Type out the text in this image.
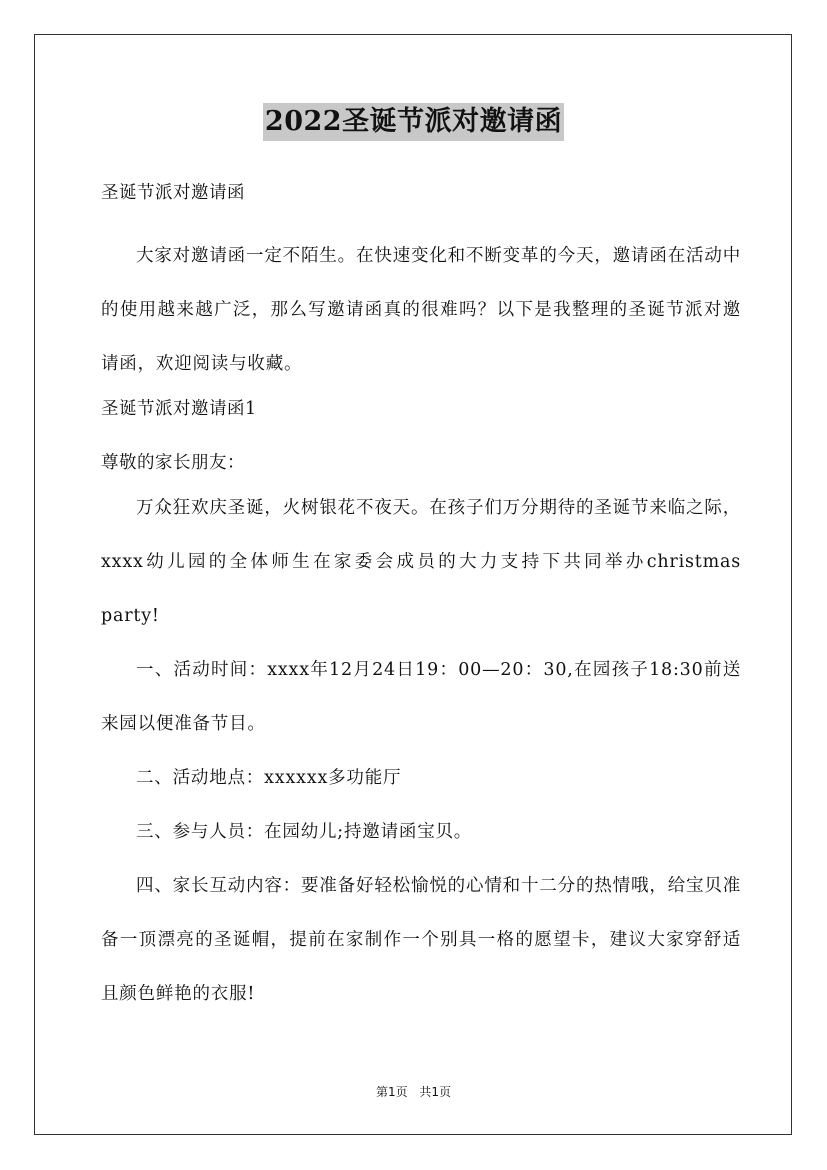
2022圣诞节派对邀请函

圣诞节派对邀请函

大家对邀请函一定不陌生。在快速变化和不断变革的今天，邀请函在活动中的使用越来越广泛，那么写邀请函真的很难吗？以下是我整理的圣诞节派对邀请函，欢迎阅读与收藏。

圣诞节派对邀请函1

尊敬的家长朋友：

万众狂欢庆圣诞，火树银花不夜天。在孩子们万分期待的圣诞节来临之际，xxxx幼儿园的全体师生在家委会成员的大力支持下共同举办christmas party!

一、活动时间：xxxx年12月24日19：00—20：30,在园孩子18:30前送来园以便准备节目。

二、活动地点：xxxxxx多功能厅

三、参与人员：在园幼儿;持邀请函宝贝。

四、家长互动内容：要准备好轻松愉悦的心情和十二分的热情哦，给宝贝准备一顶漂亮的圣诞帽，提前在家制作一个别具一格的愿望卡，建议大家穿舒适且颜色鲜艳的衣服!

第1页 共1页
